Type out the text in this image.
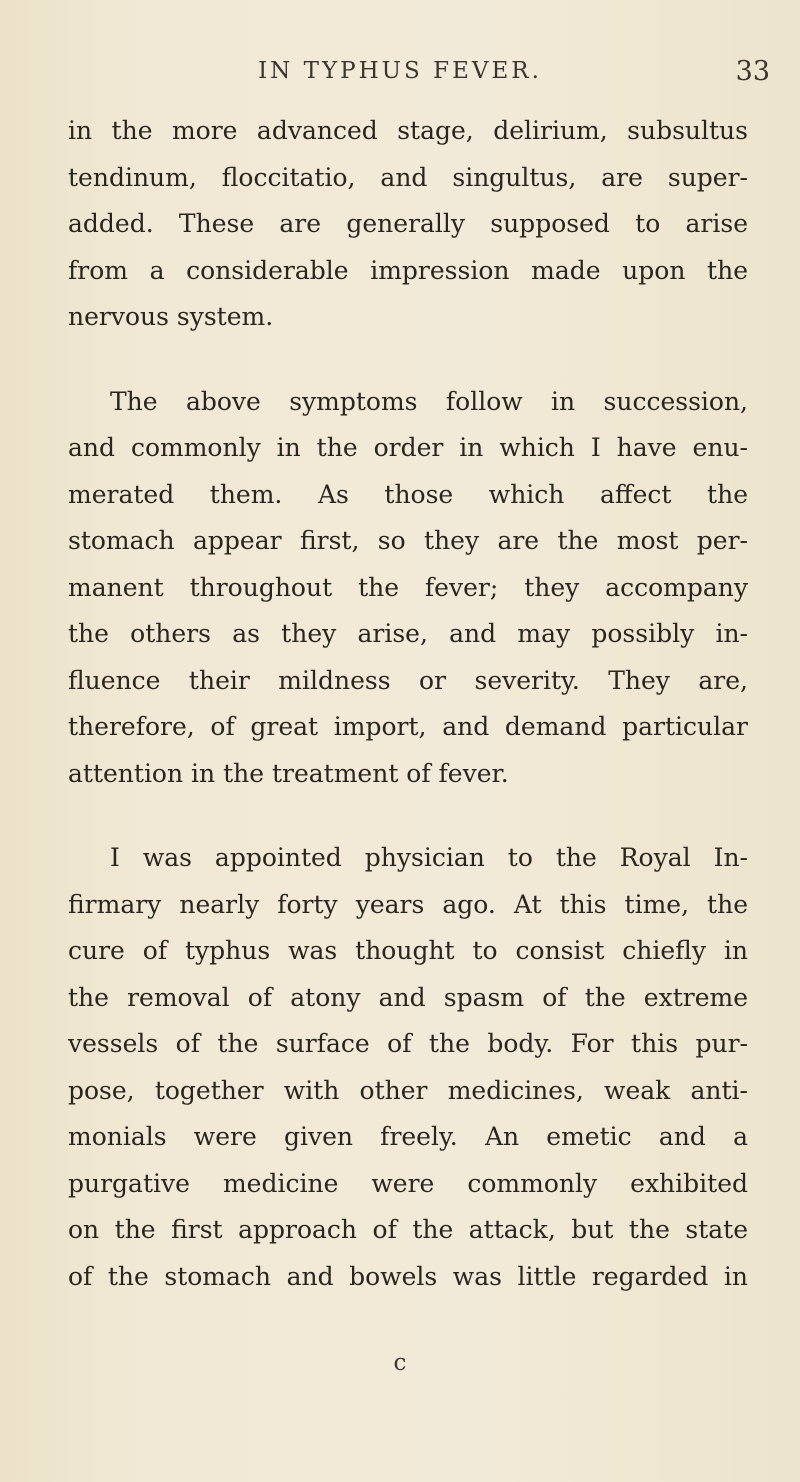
IN TYPHUS FEVER.	33
in the more advanced stage, delirium, subsultus
tendinum, floccitatio, and singultus, are super-
added. These are generally supposed to arise
from a considerable impression made upon the
nervous system.
The above symptoms follow in succession,
and commonly in the order in which I have enu-
merated them. As those which affect the
stomach appear first, so they are the most per-
manent throughout the fever; they accompany
the others as they arise, and may possibly in-
fluence their mildness or severity. They are,
therefore, of great import, and demand particular
attention in the treatment of fever.
I was appointed physician to the Royal In-
firmary nearly forty years ago. At this time, the
cure of typhus was thought to consist chiefly in
the removal of atony and spasm of the extreme
vessels of the surface of the body. For this pur-
pose, together with other medicines, weak anti-
monials were given freely. An emetic and a
purgative medicine were commonly exhibited
on the first approach of the attack, but the state
of the stomach and bowels was little regarded in
c
